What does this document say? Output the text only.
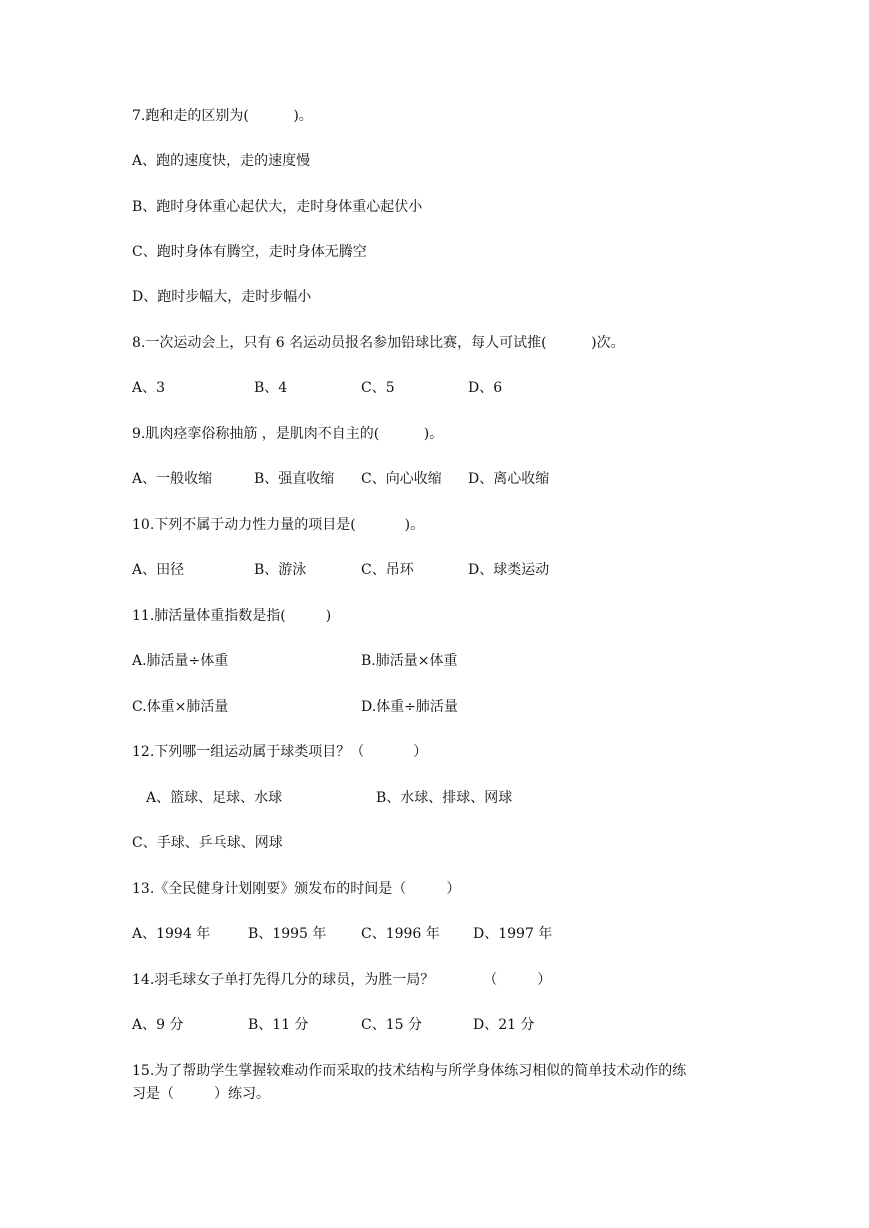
7.跑和走的区别为(          )。
A、跑的速度快，走的速度慢
B、跑时身体重心起伏大，走时身体重心起伏小
C、跑时身体有腾空，走时身体无腾空
D、跑时步幅大，走时步幅小
8.一次运动会上，只有 6 名运动员报名参加铅球比赛，每人可试推(          )次。
A、3	B、4	C、5	D、6
9.肌肉痉挛俗称抽筋 ，是肌肉不自主的(          )。
A、一般收缩	B、强直收缩 C、向心收缩 D、离心收缩
10.下列不属于动力性力量的项目是(           )。
A、田径	B、游泳	C、吊环	D、球类运动
11.肺活量体重指数是指(         )
A.肺活量÷体重	B.肺活量×体重
C.体重×肺活量	D.体重÷肺活量
12.下列哪一组运动属于球类项目？（           ）
A、篮球、足球、水球	B、水球、排球、网球
C、手球、乒乓球、网球
13.《全民健身计划刚要》颁发布的时间是（         ）
A、1994 年	B、1995 年 C、1996 年 D、1997 年
14.羽毛球女子单打先得几分的球员，为胜一局？           （         ）
A、9 分	B、11 分	C、15 分	D、21 分
15.为了帮助学生掌握较难动作而采取的技术结构与所学身体练习相似的简单技术动作的练
习是（         ）练习。
